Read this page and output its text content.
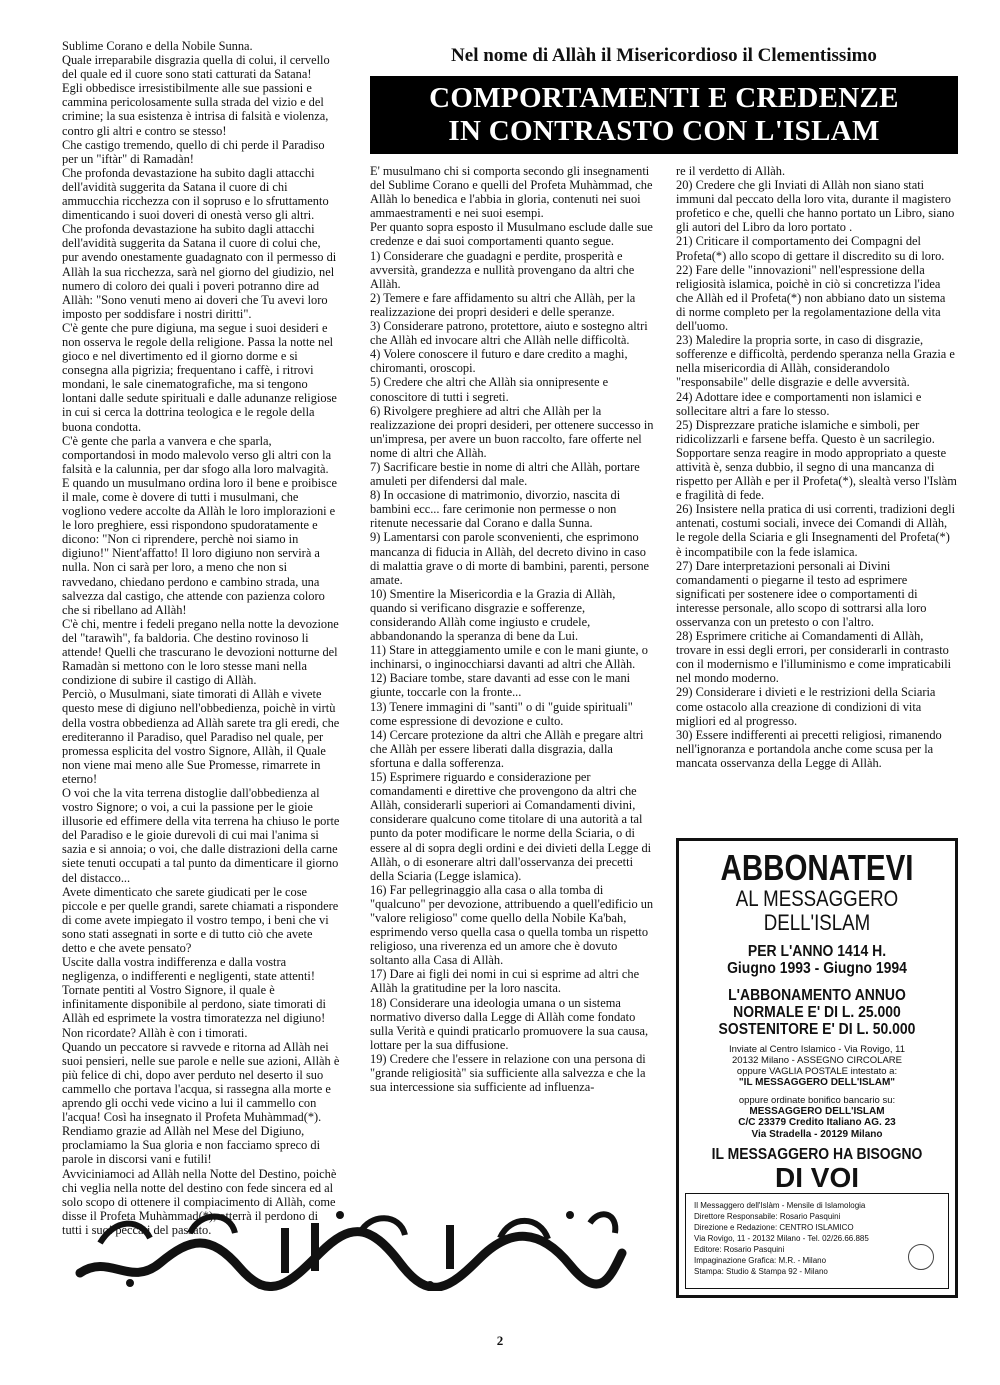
Nel nome di Allàh il Misericordioso il Clementissimo
COMPORTAMENTI E CREDENZE
IN CONTRASTO CON L'ISLAM

Sublime Corano e della Nobile Sunna.

Quale irreparabile disgrazia quella di colui, il cervello del quale ed il cuore sono stati catturati da Satana!

Egli obbedisce irresistibilmente alle sue passioni e cammina pericolosamente sulla strada del vizio e del crimine; la sua esistenza è intrisa di falsità e violenza, contro gli altri e contro se stesso!

Che castigo tremendo, quello di chi perde il Paradiso per un "iftàr" di Ramadàn!

Che profonda devastazione ha subito dagli attacchi dell'avidità suggerita da Satana il cuore di chi ammucchia ricchezza con il sopruso e lo sfruttamento dimenticando i suoi doveri di onestà verso gli altri.

Che profonda devastazione ha subito dagli attacchi dell'avidità suggerita da Satana il cuore di colui che, pur avendo onestamente guadagnato con il permesso di Allàh la sua ricchezza, sarà nel giorno del giudizio, nel numero di coloro dei quali i poveri potranno dire ad Allàh: "Sono venuti meno ai doveri che Tu avevi loro imposto per soddisfare i nostri diritti".

C'è gente che pure digiuna, ma segue i suoi desideri e non osserva le regole della religione. Passa la notte nel gioco e nel divertimento ed il giorno dorme e si consegna alla pigrizia; frequentano i caffè, i ritrovi mondani, le sale cinematografiche, ma si tengono lontani dalle sedute spirituali e dalle adunanze religiose in cui si cerca la dottrina teologica e le regole della buona condotta.

C'è gente che parla a vanvera e che sparla, comportandosi in modo malevolo verso gli altri con la falsità e la calunnia, per dar sfogo alla loro malvagità.

E quando un musulmano ordina loro il bene e proibisce il male, come è dovere di tutti i musulmani, che vogliono vedere accolte da Allàh le loro implorazioni e le loro preghiere, essi rispondono spudoratamente e dicono: "Non ci riprendere, perchè noi siamo in digiuno!" Nient'affatto! Il loro digiuno non servirà a nulla. Non ci sarà per loro, a meno che non si ravvedano, chiedano perdono e cambino strada, una salvezza dal castigo, che attende con pazienza coloro che si ribellano ad Allàh!

C'è chi, mentre i fedeli pregano nella notte la devozione del "tarawìh", fa baldoria. Che destino rovinoso li attende! Quelli che trascurano le devozioni notturne del Ramadàn si mettono con le loro stesse mani nella condizione di subire il castigo di Allàh.

Perciò, o Musulmani, siate timorati di Allàh e vivete questo mese di digiuno nell'obbedienza, poichè in virtù della vostra obbedienza ad Allàh sarete tra gli eredi, che erediteranno il Paradiso, quel Paradiso nel quale, per promessa esplicita del vostro Signore, Allàh, il Quale non viene mai meno alle Sue Promesse, rimarrete in eterno!

O voi che la vita terrena distoglie dall'obbedienza al vostro Signore; o voi, a cui la passione per le gioie illusorie ed effimere della vita terrena ha chiuso le porte del Paradiso e le gioie durevoli di cui mai l'anima si sazia e si annoia; o voi, che dalle distrazioni della carne siete tenuti occupati a tal punto da dimenticare il giorno del distacco...

Avete dimenticato che sarete giudicati per le cose piccole e per quelle grandi, sarete chiamati a rispondere di come avete impiegato il vostro tempo, i beni che vi sono stati assegnati in sorte e di tutto ciò che avete detto e che avete pensato?

Uscite dalla vostra indifferenza e dalla vostra negligenza, o indifferenti e negligenti, state attenti!

Tornate pentiti al Vostro Signore, il quale è infinitamente disponibile al perdono, siate timorati di Allàh ed esprimete la vostra timoratezza nel digiuno!

Non ricordate? Allàh è con i timorati.

Quando un peccatore si ravvede e ritorna ad Allàh nei suoi pensieri, nelle sue parole e nelle sue azioni, Allàh è più felice di chi, dopo aver perduto nel deserto il suo cammello che portava l'acqua, si rassegna alla morte e aprendo gli occhi vede vicino a lui il cammello con l'acqua! Così ha insegnato il Profeta Muhàmmad(*).

Rendiamo grazie ad Allàh nel Mese del Digiuno, proclamiamo la Sua gloria e non facciamo spreco di parole in discorsi vani e futili!

Avviciniamoci ad Allàh nella Notte del Destino, poichè chi veglia nella notte del destino con fede sincera ed al solo scopo di ottenere il compiacimento di Allàh, come disse il Profeta Muhàmmad(*), otterrà il perdono di tutti i suoi peccati del passato.

E' musulmano chi si comporta secondo gli insegnamenti del Sublime Corano e quelli del Profeta Muhàmmad, che Allàh lo benedica e l'abbia in gloria, contenuti nei suoi ammaestramenti e nei suoi esempi.

Per quanto sopra esposto il Musulmano esclude dalle sue credenze e dai suoi comportamenti quanto segue.

1) Considerare che guadagni e perdite, prosperità e avversità, grandezza e nullità provengano da altri che Allàh.

2) Temere e fare affidamento su altri che Allàh, per la realizzazione dei propri desideri e delle speranze.

3) Considerare patrono, protettore, aiuto e sostegno altri che Allàh ed invocare altri che Allàh nelle difficoltà.

4) Volere conoscere il futuro e dare credito a maghi, chiromanti, oroscopi.

5) Credere che altri che Allàh sia onnipresente e conoscitore di tutti i segreti.

6) Rivolgere preghiere ad altri che Allàh per la realizzazione dei propri desideri, per ottenere successo in un'impresa, per avere un buon raccolto, fare offerte nel nome di altri che Allàh.

7) Sacrificare bestie in nome di altri che Allàh, portare amuleti per difendersi dal male.

8) In occasione di matrimonio, divorzio, nascita di bambini ecc... fare cerimonie non permesse o non ritenute necessarie dal Corano e dalla Sunna.

9) Lamentarsi con parole sconvenienti, che esprimono mancanza di fiducia in Allàh, del decreto divino in caso di malattia grave o di morte di bambini, parenti, persone amate.

10) Smentire la Misericordia e la Grazia di Allàh, quando si verificano disgrazie e sofferenze, considerando Allàh come ingiusto e crudele, abbandonando la speranza di bene da Lui.

11) Stare in atteggiamento umile e con le mani giunte, o inchinarsi, o inginocchiarsi davanti ad altri che Allàh.

12) Baciare tombe, stare davanti ad esse con le mani giunte, toccarle con la fronte...

13) Tenere immagini di "santi" o di "guide spirituali" come espressione di devozione e culto.

14) Cercare protezione da altri che Allàh e pregare altri che Allàh per essere liberati dalla disgrazia, dalla sfortuna e dalla sofferenza.

15) Esprimere riguardo e considerazione per comandamenti e direttive che provengono da altri che Allàh, considerarli superiori ai Comandamenti divini, considerare qualcuno come titolare di una autorità a tal punto da poter modificare le norme della Sciaria, o di essere al di sopra degli ordini e dei divieti della Legge di Allàh, o di esonerare altri dall'osservanza dei precetti della Sciaria (Legge islamica).

16) Far pellegrinaggio alla casa o alla tomba di "qualcuno" per devozione, attribuendo a quell'edificio un "valore religioso" come quello della Nobile Ka'bah, esprimendo verso quella casa o quella tomba un rispetto religioso, una riverenza ed un amore che è dovuto soltanto alla Casa di Allàh.

17) Dare ai figli dei nomi in cui si esprime ad altri che Allàh la gratitudine per la loro nascita.

18) Considerare una ideologia umana o un sistema normativo diverso dalla Legge di Allàh come fondato sulla Verità e quindi praticarlo promuovere la sua causa, lottare per la sua diffusione.

19) Credere che l'essere in relazione con una persona di "grande religiosità" sia sufficiente alla salvezza e che la sua intercessione sia sufficiente ad influenza-

re il verdetto di Allàh.

20) Credere che gli Inviati di Allàh non siano stati immuni dal peccato della loro vita, durante il magistero profetico e che, quelli che hanno portato un Libro, siano gli autori del Libro da loro portato .

21) Criticare il comportamento dei Compagni del Profeta(*) allo scopo di gettare il discredito su di loro.

22) Fare delle "innovazioni" nell'espressione della religiosità islamica, poichè in ciò si concretizza l'idea che Allàh ed il Profeta(*) non abbiano dato un sistema di norme completo per la regolamentazione della vita dell'uomo.

23) Maledire la propria sorte, in caso di disgrazie, sofferenze e difficoltà, perdendo speranza nella Grazia e nella misericordia di Allàh, considerandolo "responsabile" delle disgrazie e delle avversità.

24) Adottare idee e comportamenti non islamici e sollecitare altri a fare lo stesso.

25) Disprezzare pratiche islamiche e simboli, per ridicolizzarli e farsene beffa. Questo è un sacrilegio. Sopportare senza reagire in modo appropriato a queste attività è, senza dubbio, il segno di una mancanza di rispetto per Allàh e per il Profeta(*), slealtà verso l'Islàm e fragilità di fede.

26) Insistere nella pratica di usi correnti, tradizioni degli antenati, costumi sociali, invece dei Comandi di Allàh, le regole della Sciaria e gli Insegnamenti del Profeta(*) è incompatibile con la fede islamica.

27) Dare interpretazioni personali ai Divini comandamenti o piegarne il testo ad esprimere significati per sostenere idee o comportamenti di interesse personale, allo scopo di sottrarsi alla loro osservanza con un pretesto o con l'altro.

28) Esprimere critiche ai Comandamenti di Allàh, trovare in essi degli errori, per considerarli in contrasto con il modernismo e l'illuminismo e come impraticabili nel mondo moderno.

29) Considerare i divieti e le restrizioni della Sciaria come ostacolo alla creazione di condizioni di vita migliori ed al progresso.

30) Essere indifferenti ai precetti religiosi, rimanendo nell'ignoranza e portandola anche come scusa per la mancata osservanza della Legge di Allàh.

ABBONATEVI
AL MESSAGGERO
DELL'ISLAM
PER L'ANNO 1414 H.
Giugno 1993 - Giugno 1994
L'ABBONAMENTO ANNUO
NORMALE E' DI L. 25.000
SOSTENITORE E' DI L. 50.000
Inviate al Centro Islamico - Via Rovigo, 11
20132 Milano - ASSEGNO CIRCOLARE
oppure VAGLIA POSTALE intestato a:
"IL MESSAGGERO DELL'ISLAM"
oppure ordinate bonifico bancario su:
MESSAGGERO DELL'ISLAM
C/C 23379 Credito Italiano AG. 23
Via Stradella - 20129 Milano
IL MESSAGGERO HA BISOGNO
DI VOI
Il Messaggero dell'Islàm - Mensile di Islamologia
Direttore Responsabile: Rosario Pasquini
Direzione e Redazione: CENTRO ISLAMICO
Via Rovigo, 11 - 20132 Milano - Tel. 02/26.66.885
Editore: Rosario Pasquini
Impaginazione Grafica: M.R. - Milano
Stampa: Studio & Stampa 92 - Milano
2
